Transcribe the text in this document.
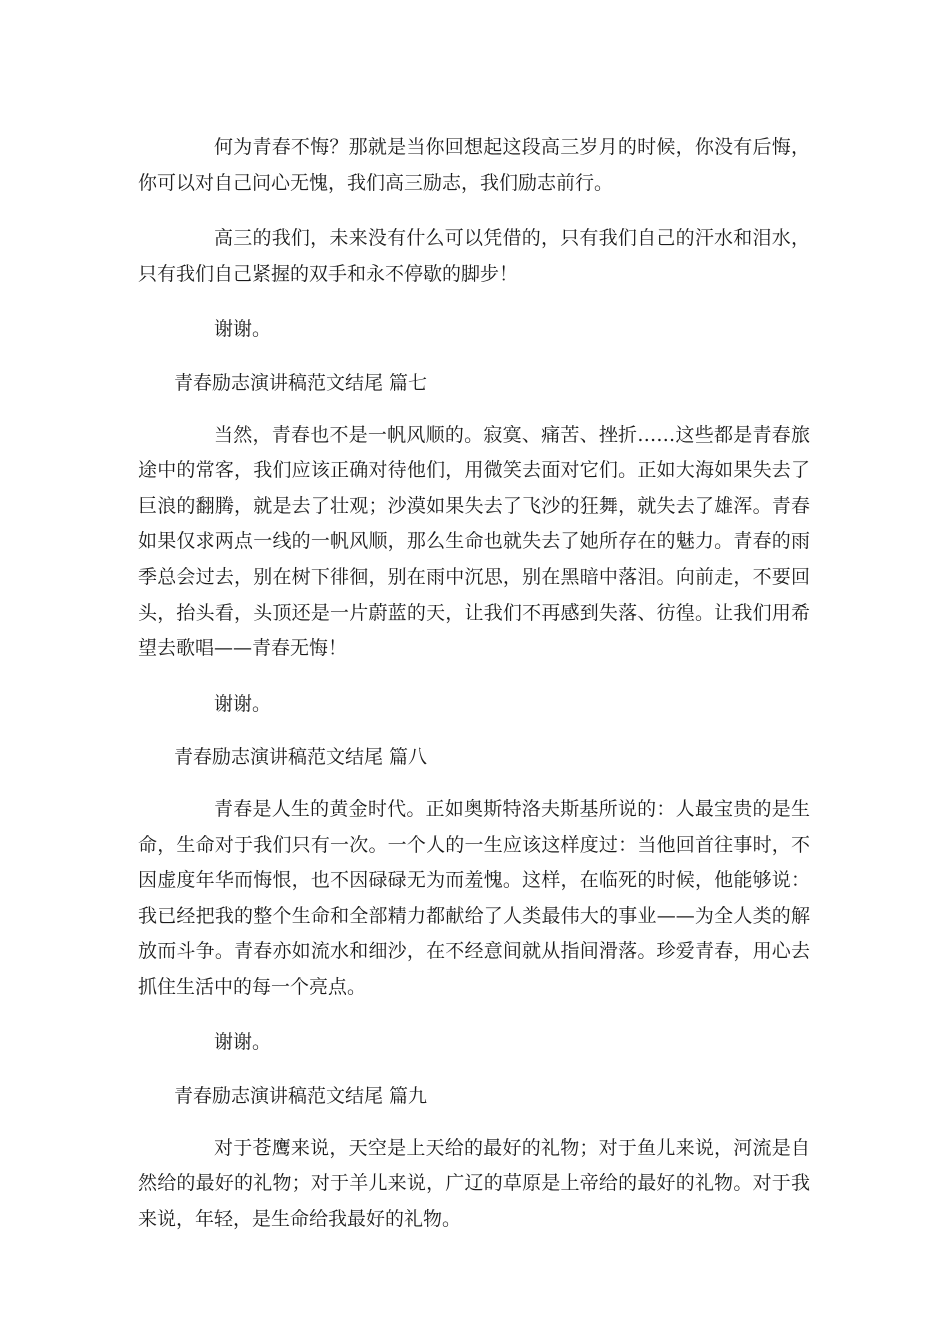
何为青春不悔？那就是当你回想起这段高三岁月的时候，你没有后悔，你可以对自己问心无愧，我们高三励志，我们励志前行。

高三的我们，未来没有什么可以凭借的，只有我们自己的汗水和泪水，只有我们自己紧握的双手和永不停歇的脚步！

谢谢。

青春励志演讲稿范文结尾 篇七

当然，青春也不是一帆风顺的。寂寞、痛苦、挫折……这些都是青春旅途中的常客，我们应该正确对待他们，用微笑去面对它们。正如大海如果失去了巨浪的翻腾，就是去了壮观；沙漠如果失去了飞沙的狂舞，就失去了雄浑。青春如果仅求两点一线的一帆风顺，那么生命也就失去了她所存在的魅力。青春的雨季总会过去，别在树下徘徊，别在雨中沉思，别在黑暗中落泪。向前走，不要回头，抬头看，头顶还是一片蔚蓝的天，让我们不再感到失落、彷徨。让我们用希望去歌唱——青春无悔！

谢谢。

青春励志演讲稿范文结尾 篇八

青春是人生的黄金时代。正如奥斯特洛夫斯基所说的：人最宝贵的是生命，生命对于我们只有一次。一个人的一生应该这样度过：当他回首往事时，不因虚度年华而悔恨，也不因碌碌无为而羞愧。这样，在临死的时候，他能够说：我已经把我的整个生命和全部精力都献给了人类最伟大的事业——为全人类的解放而斗争。青春亦如流水和细沙，在不经意间就从指间滑落。珍爱青春，用心去抓住生活中的每一个亮点。

谢谢。

青春励志演讲稿范文结尾 篇九

对于苍鹰来说，天空是上天给的最好的礼物；对于鱼儿来说，河流是自然给的最好的礼物；对于羊儿来说，广辽的草原是上帝给的最好的礼物。对于我来说，年轻，是生命给我最好的礼物。
